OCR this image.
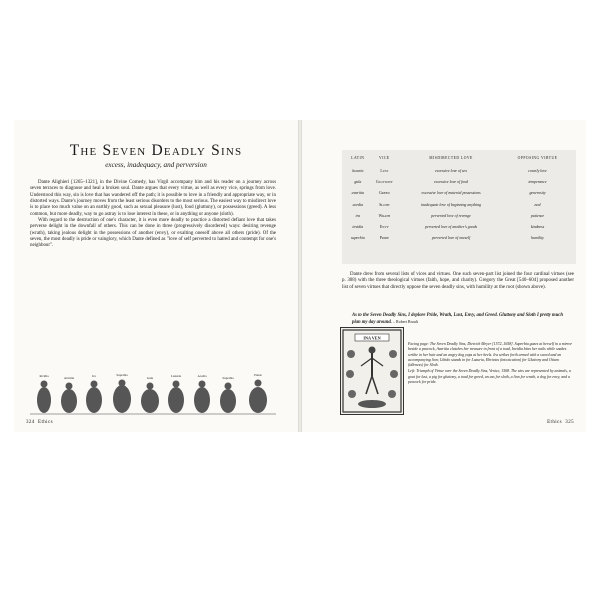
The Seven Deadly Sins
excess, inadequacy, and perversion

Dante Alighieri [1265–1321], in the Divine Comedy, has Virgil accompany him and his reader on a journey across seven terraces to diagnose and heal a broken soul. Dante argues that every virtue, as well as every vice, springs from love. Understood this way, sin is love that has wandered off the path; it is possible to love in a friendly and appropriate way, or in distorted ways. Dante's journey moves from the least serious disorders to the most serious. The easiest way to misdirect love is to place too much value on an earthly good, such as sexual pleasure (lust), food (gluttony), or possessions (greed). A less common, but more deadly, way to go astray is to lose interest in these, or in anything or anyone (sloth).

With regard to the destruction of one's character, it is even more deadly to practice a distorted defiant love that takes perverse delight in the downfall of others. This can be done in three (progressively disordered) ways: desiring revenge (wrath), taking jealous delight in the possessions of another (envy), or exalting oneself above all others (pride). Of the seven, the most deadly is pride or vainglory, which Dante defined as "love of self perverted to hatred and contempt for one's neighbour".

Invidia	Avaritia	Ira	Superbia
Gula	Luxuria	Acedia	Superbia
Pietas
324 Ethics
LATIN	VICE	MISDIRECTED LOVE	OPPOSING VIRTUE
luxuria	Lust	excessive love of sex	courtly love
gula	Gluttony	excessive love of food	temperance
avaritia	Greed	excessive love of material possessions	generosity
acedia	Sloth	inadequate love of beginning anything	zeal
ira	Wrath	perverted love of revenge	patience
invidia	Envy	perverted love of another's goods	kindness
superbia	Pride	perverted love of oneself	humility

Dante drew from several lists of vices and virtues. One such seven-part list joined the four cardinal virtues (see p. 308) with the three theological virtues (faith, hope, and charity). Gregory the Great [540–604] proposed another list of seven virtues that directly oppose the seven deadly sins, with humility at the root (shown above).

As to the Seven Deadly Sins, I deplore Pride, Wrath, Lust, Envy, and Greed. Gluttony and Sloth I pretty much plan my day around. – Robert Brault
INA VEN

Facing page: The Seven Deadly Sins, Dietrich Meyer [1572–1658]. Superbia gazes at herself in a mirror beside a peacock, Avaritia clutches her treasure in front of a toad, Invidia bites her nails while snakes writhe in her hair and an angry dog yaps at her heels. Ira strikes forth armed with a sword and an accompanying lion; Libido stands in for Luxuria, Ebrietas (intoxication) for Gluttony and Otium (idleness) for Sloth.

Left: Triumph of Virtue over the Seven Deadly Sins, Venice, 1508. The sins are represented by animals, a goat for lust, a pig for gluttony, a toad for greed, an ass for sloth, a lion for wrath, a dog for envy, and a peacock for pride.

Ethics 325
